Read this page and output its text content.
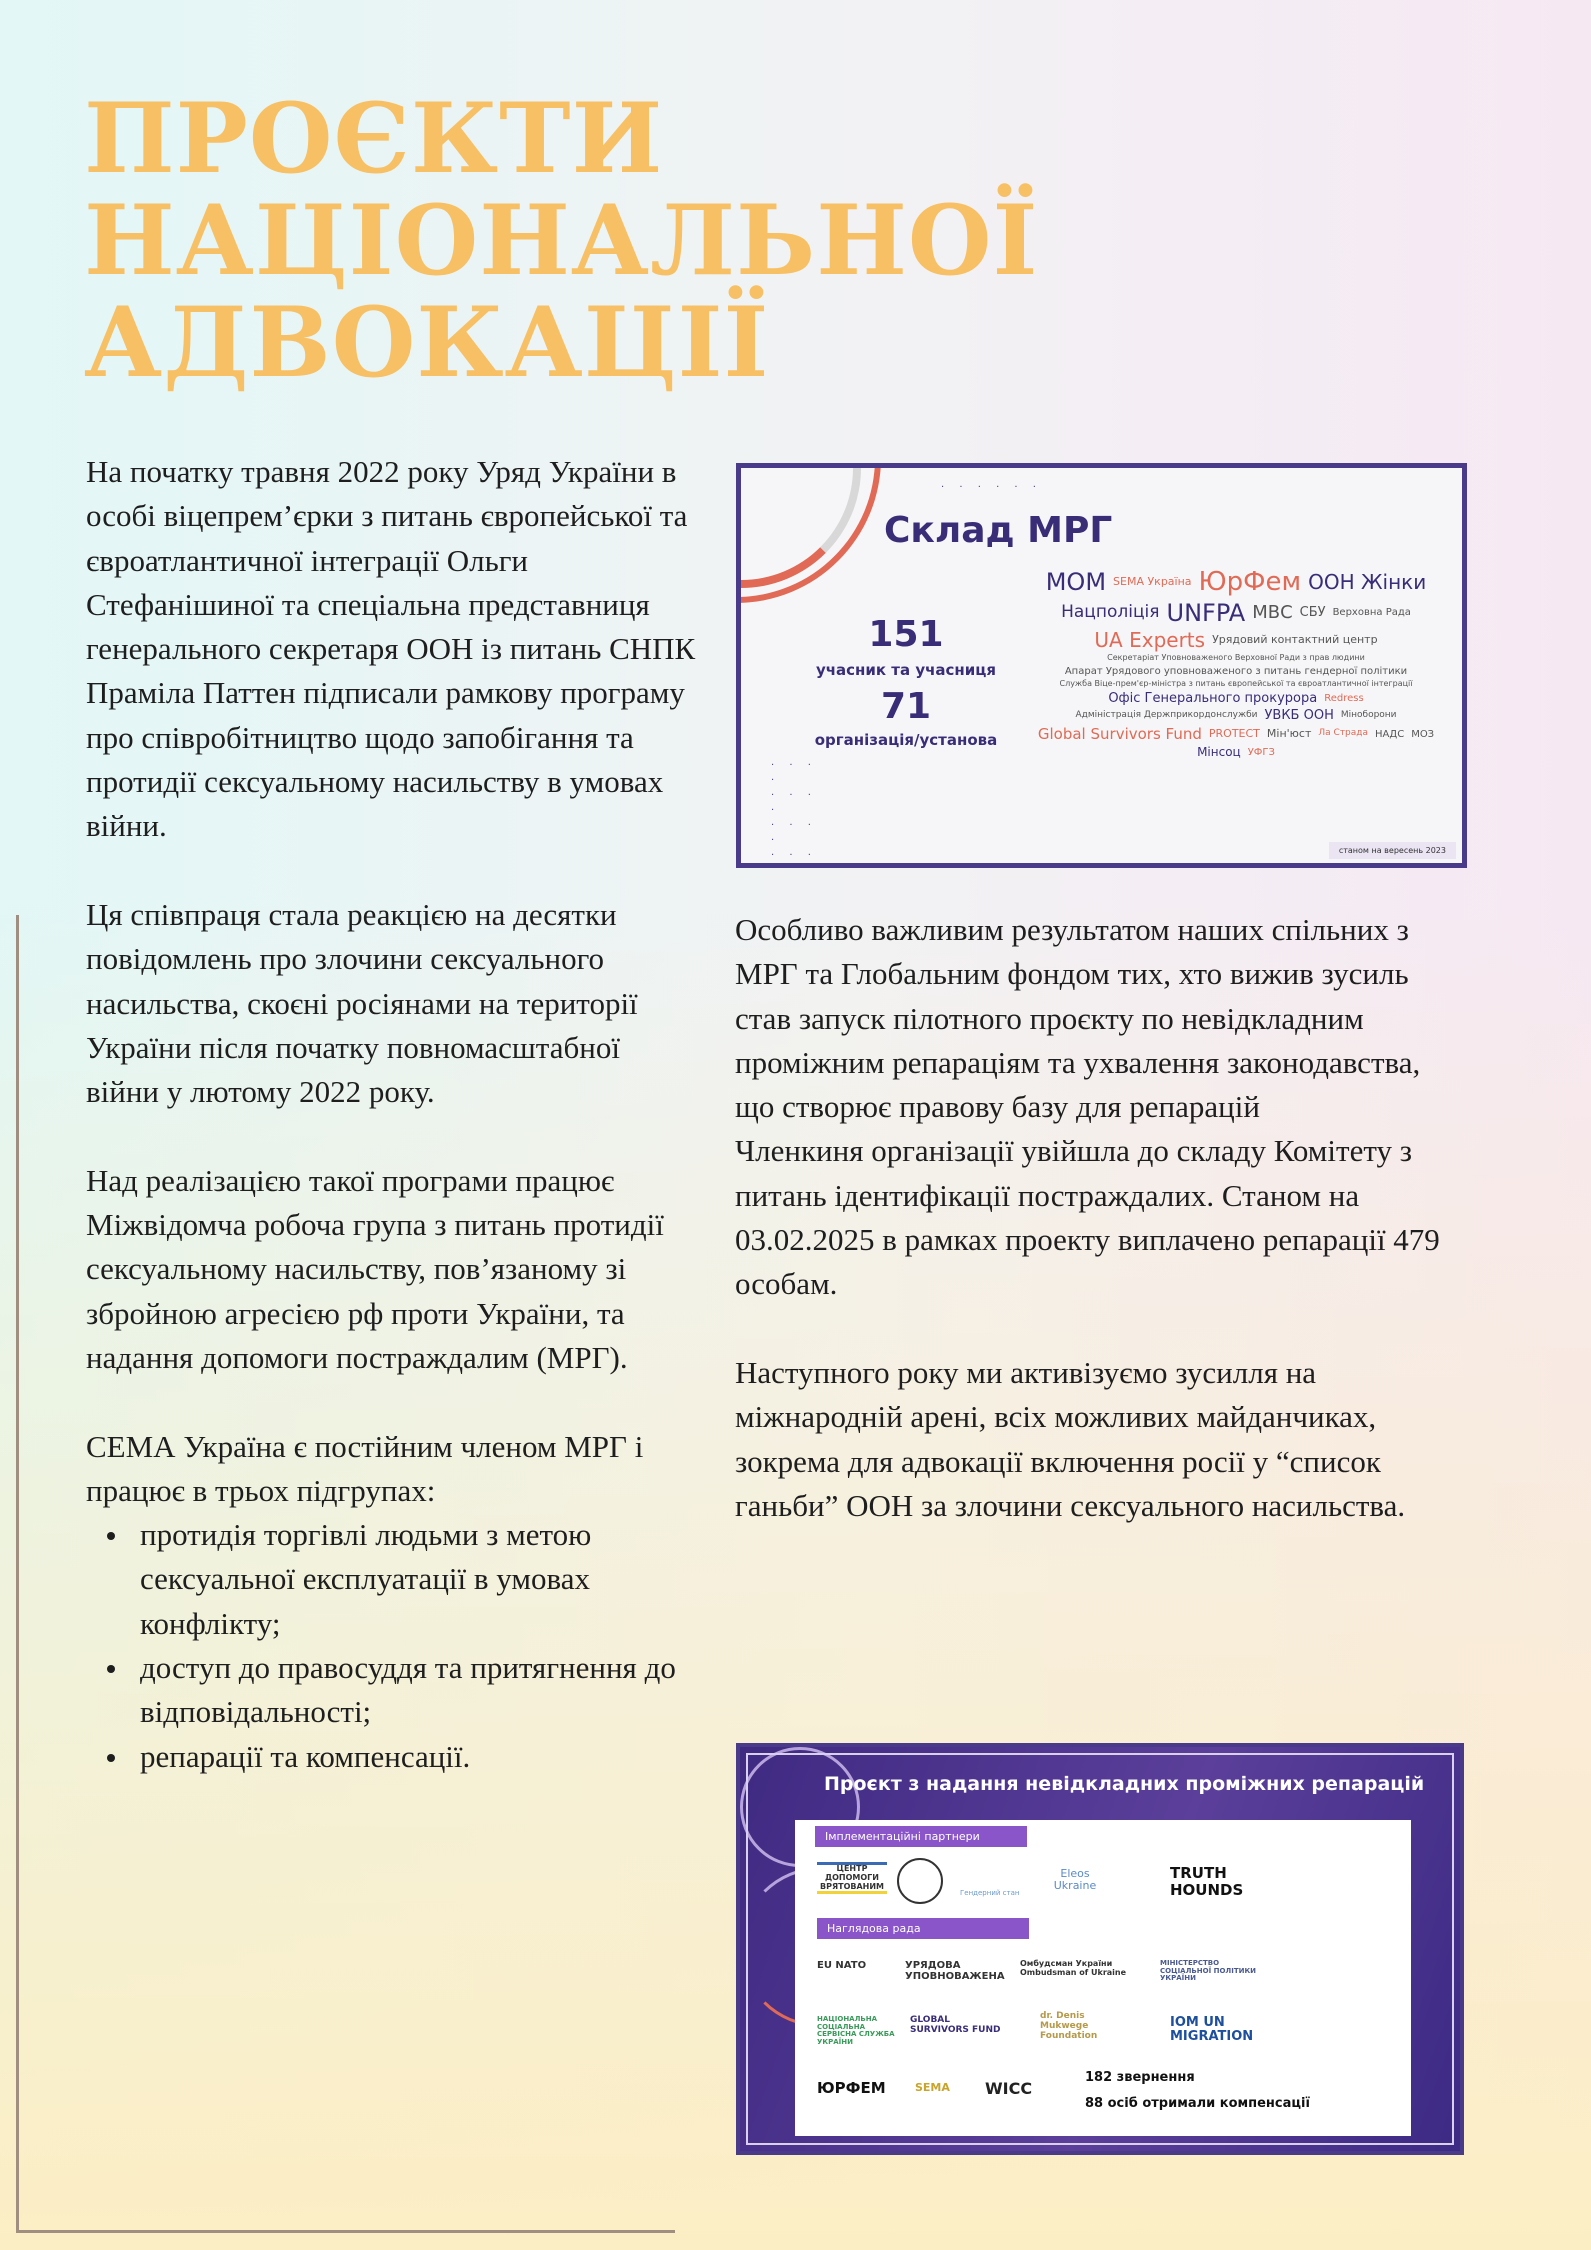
ПРОЄКТИ
НАЦІОНАЛЬНОЇ
АДВОКАЦІЇ

На початку травня 2022 року Уряд України в особі віцепрем’єрки з питань європейської та євроатлантичної інтеграції Ольги Стефанішиної та спеціальна представниця генерального секретаря ООН із питань СНПК Праміла Паттен підписали рамкову програму про співробітництво щодо запобігання та протидії сексуальному насильству в умовах війни.

Ця співпраця стала реакцією на десятки повідомлень про злочини сексуального насильства, скоєні росіянами на території України після початку повномасштабної війни у лютому 2022 року.

Над реалізацією такої програми працює Міжвідомча робоча група з питань протидії сексуальному насильству, пов’язаному зі збройною агресією рф проти України, та надання допомоги постраждалим (МРГ).

СЕМА Україна є постійним членом МРГ і працює в трьох підгрупах:

протидія торгівлі людьми з метою сексуальної експлуатації в умовах конфлікту;
доступ до правосуддя та притягнення до відповідальності;
репарації та компенсації.
· · · · · ·
· · · ·
· · · ·
· · · ·
· · ·

Склад МРГ
151
учасник та учасниця
71
організація/установа
МОМ SEMA Україна ЮрФем ООН Жінки
Нацполіція UNFPA МВС СБУ Верховна Рада
UA Experts Урядовий контактний центр
Секретаріат Уповноваженого Верховної Ради з прав людини
Апарат Урядового уповноваженого з питань гендерної політики
Служба Віце-прем'єр-міністра з питань європейської та євроатлантичної інтеграції
Офіс Генерального прокурора Redress
Адміністрація Держприкордонслужби УВКБ ООН Міноборони
Global Survivors Fund PROTECT Мін'юст Ла Страда НАДС МОЗ
Мінсоц УФГЗ
станом на вересень 2023

Особливо важливим результатом наших спільних з МРГ та Глобальним фондом тих, хто вижив зусиль став запуск пілотного проєкту по невідкладним проміжним репараціям та ухвалення законодавства, що створює правову базу для репарацій

Членкиня організації увійшла до складу Комітету з питань ідентифікації постраждалих. Станом на 03.02.2025 в рамках проекту виплачено репарації 479 особам.

Наступного року ми активізуємо зусилля на міжнародній арені, всіх можливих майданчиках, зокрема для адвокації включення росії у “список ганьби” ООН за злочини сексуального насильства.

Проєкт з надання невідкладних проміжних репарацій
Імплементаційні партнери
ЦЕНТР ДОПОМОГИ ВРЯТОВАНИМ
Гендерний стан
Eleos Ukraine
TRUTH HOUNDS
Наглядова рада
EU NATO	УРЯДОВА УПОВНОВАЖЕНА
Омбудсман України Ombudsman of Ukraine
МІНІСТЕРСТВО СОЦІАЛЬНОЇ ПОЛІТИКИ УКРАЇНИ
НАЦІОНАЛЬНА СОЦІАЛЬНА СЕРВІСНА СЛУЖБА УКРАЇНИ
GLOBAL SURVIVORS FUND
dr. Denis Mukwege Foundation
IOM UN MIGRATION
ЮРФЕМ	SEMA WICC
182 звернення
88 осіб отримали компенсації
